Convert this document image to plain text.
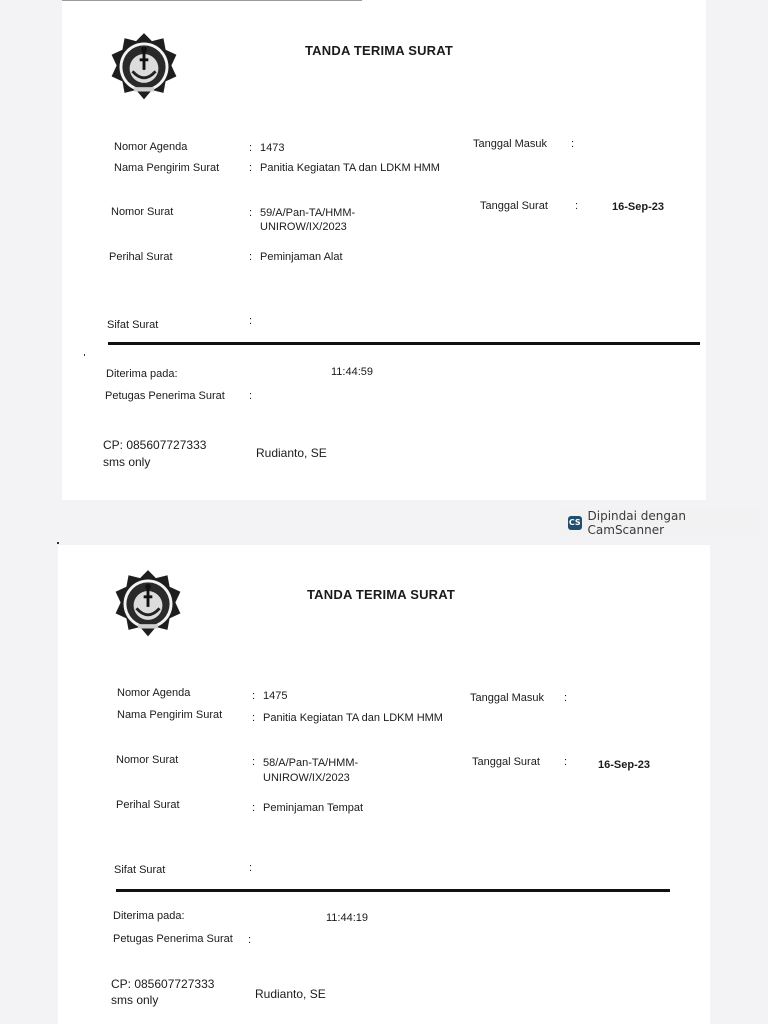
TANDA TERIMA SURAT
Nomor Agenda	: 1473
Nama Pengirim Surat	: Panitia Kegiatan TA dan LDKM HMM
Tanggal Masuk :
Nomor Surat	: 59/A/Pan-TA/HMM-
UNIROW/IX/2023
Tanggal Surat :	16-Sep-23
Perihal Surat	: Peminjaman Alat
Sifat Surat	:
Diterima pada:	11:44:59
Petugas Penerima Surat :
CP: 085607727333
sms only
Rudianto, SE
CS Dipindai dengan CamScanner
TANDA TERIMA SURAT
Nomor Agenda	: 1475
Nama Pengirim Surat	: Panitia Kegiatan TA dan LDKM HMM
Tanggal Masuk :
Nomor Surat	: 58/A/Pan-TA/HMM-
UNIROW/IX/2023
Tanggal Surat :	16-Sep-23
Perihal Surat	: Peminjaman Tempat
Sifat Surat	:
Diterima pada:	11:44:19
Petugas Penerima Surat :
CP: 085607727333
sms only	Rudianto, SE
